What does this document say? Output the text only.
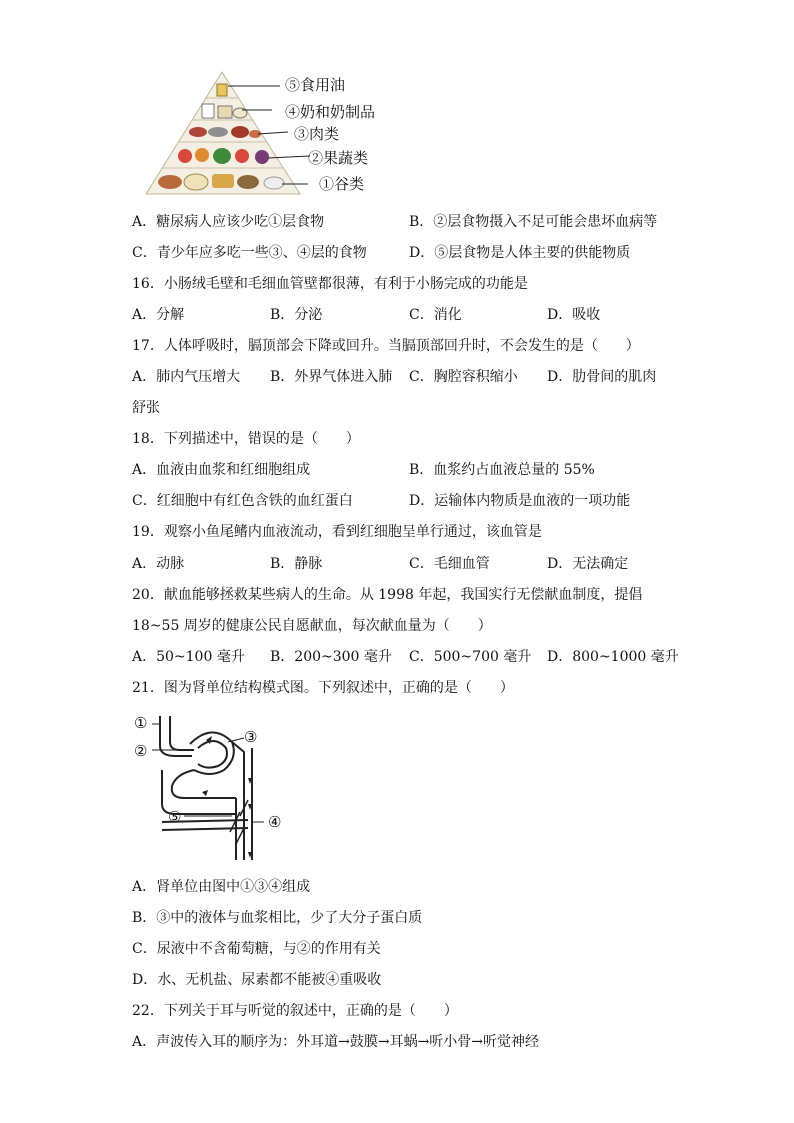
⑤食用油
④奶和奶制品
③肉类
②果蔬类
①谷类
A．糖尿病人应该少吃①层食物	B．②层食物摄入不足可能会患坏血病等
C．青少年应多吃一些③、④层的食物	D．⑤层食物是人体主要的供能物质
16．小肠绒毛壁和毛细血管壁都很薄，有利于小肠完成的功能是
A．分解	B．分泌	C．消化	D．吸收
17．人体呼吸时，膈顶部会下降或回升。当膈顶部回升时，不会发生的是（　　）
A．肺内气压增大 B．外界气体进入肺 C．胸腔容积缩小 D．肋骨间的肌肉
舒张
18．下列描述中，错误的是（　　）
A．血液由血浆和红细胞组成	B．血浆约占血液总量的 55%
C．红细胞中有红色含铁的血红蛋白	D．运输体内物质是血液的一项功能
19．观察小鱼尾鳍内血液流动，看到红细胞呈单行通过，该血管是
A．动脉	B．静脉	C．毛细血管	D．无法确定
20．献血能够拯救某些病人的生命。从 1998 年起，我国实行无偿献血制度，提倡
18~55 周岁的健康公民自愿献血，每次献血量为（　　）
A．50~100 毫升 B．200~300 毫升 C．500~700 毫升 D．800~1000 毫升
21．图为肾单位结构模式图。下列叙述中，正确的是（　　）
①
②
③
④
⑤
A．肾单位由图中①③④组成
B．③中的液体与血浆相比，少了大分子蛋白质
C．尿液中不含葡萄糖，与②的作用有关
D．水、无机盐、尿素都不能被④重吸收
22．下列关于耳与听觉的叙述中，正确的是（　　）
A．声波传入耳的顺序为：外耳道→鼓膜→耳蜗→听小骨→听觉神经
